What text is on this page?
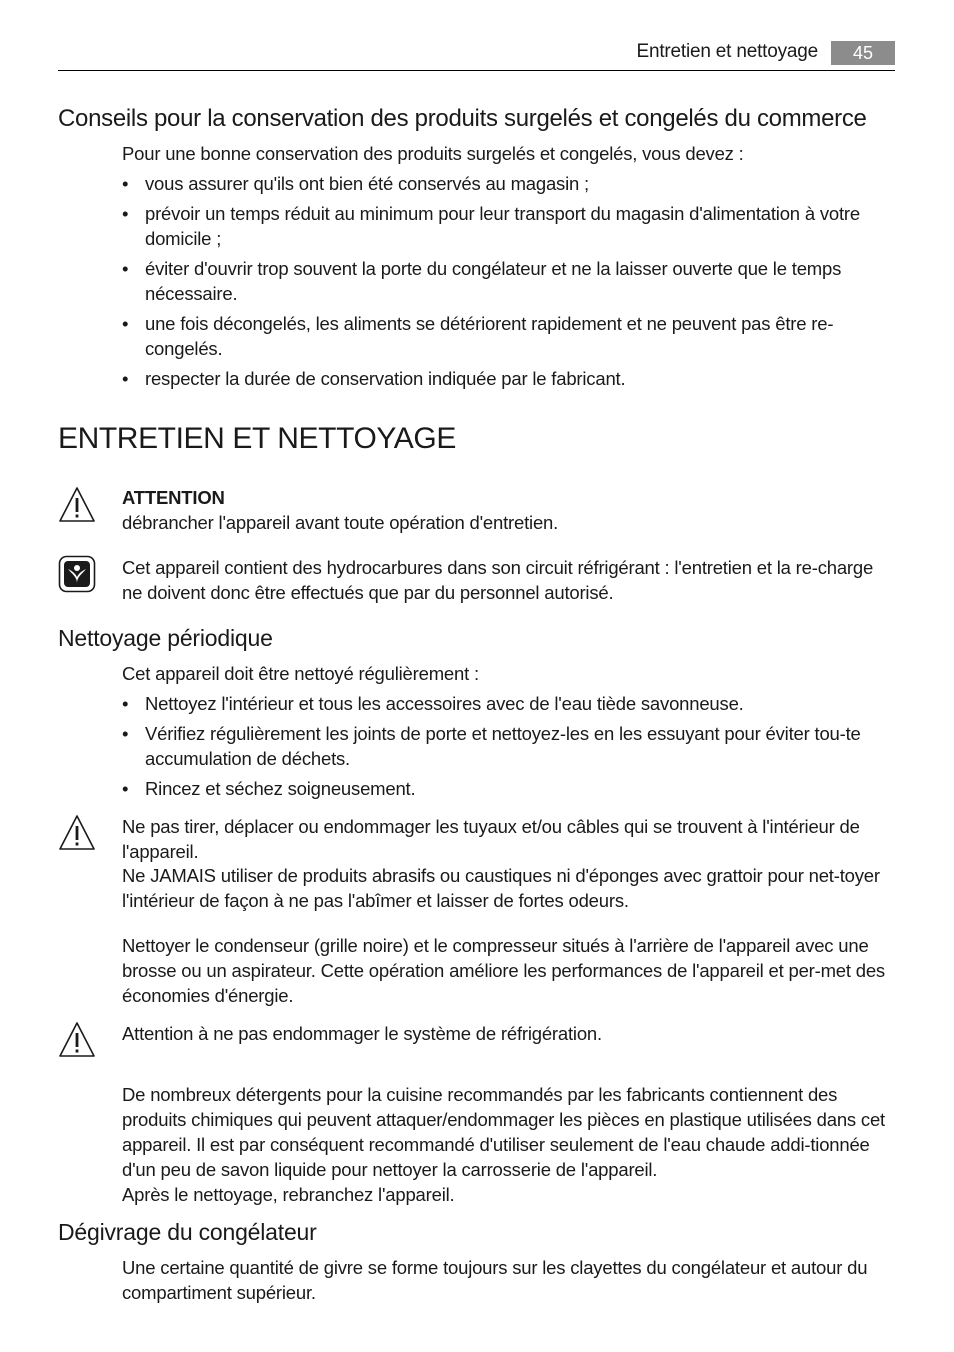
Entretien et nettoyage	45
Conseils pour la conservation des produits surgelés et congelés du commerce

Pour une bonne conservation des produits surgelés et congelés, vous devez :

• vous assurer qu'ils ont bien été conservés au magasin ;
• prévoir un temps réduit au minimum pour leur transport du magasin d'alimentation à votre domicile ;
• éviter d'ouvrir trop souvent la porte du congélateur et ne la laisser ouverte que le temps nécessaire.
• une fois décongelés, les aliments se détériorent rapidement et ne peuvent pas être re-congelés.
• respecter la durée de conservation indiquée par le fabricant.
ENTRETIEN ET NETTOYAGE
ATTENTION

débrancher l'appareil avant toute opération d'entretien.

Cet appareil contient des hydrocarbures dans son circuit réfrigérant : l'entretien et la re-charge ne doivent donc être effectués que par du personnel autorisé.

Nettoyage périodique

Cet appareil doit être nettoyé régulièrement :

• Nettoyez l'intérieur et tous les accessoires avec de l'eau tiède savonneuse.
• Vérifiez régulièrement les joints de porte et nettoyez-les en les essuyant pour éviter tou-te accumulation de déchets.
• Rincez et séchez soigneusement.

Ne pas tirer, déplacer ou endommager les tuyaux et/ou câbles qui se trouvent à l'intérieur de l'appareil.

Ne JAMAIS utiliser de produits abrasifs ou caustiques ni d'éponges avec grattoir pour net-toyer l'intérieur de façon à ne pas l'abîmer et laisser de fortes odeurs.

Nettoyer le condenseur (grille noire) et le compresseur situés à l'arrière de l'appareil avec une brosse ou un aspirateur. Cette opération améliore les performances de l'appareil et per-met des économies d'énergie.

Attention à ne pas endommager le système de réfrigération.

De nombreux détergents pour la cuisine recommandés par les fabricants contiennent des produits chimiques qui peuvent attaquer/endommager les pièces en plastique utilisées dans cet appareil. Il est par conséquent recommandé d'utiliser seulement de l'eau chaude addi-tionnée d'un peu de savon liquide pour nettoyer la carrosserie de l'appareil.

Après le nettoyage, rebranchez l'appareil.

Dégivrage du congélateur

Une certaine quantité de givre se forme toujours sur les clayettes du congélateur et autour du compartiment supérieur.
